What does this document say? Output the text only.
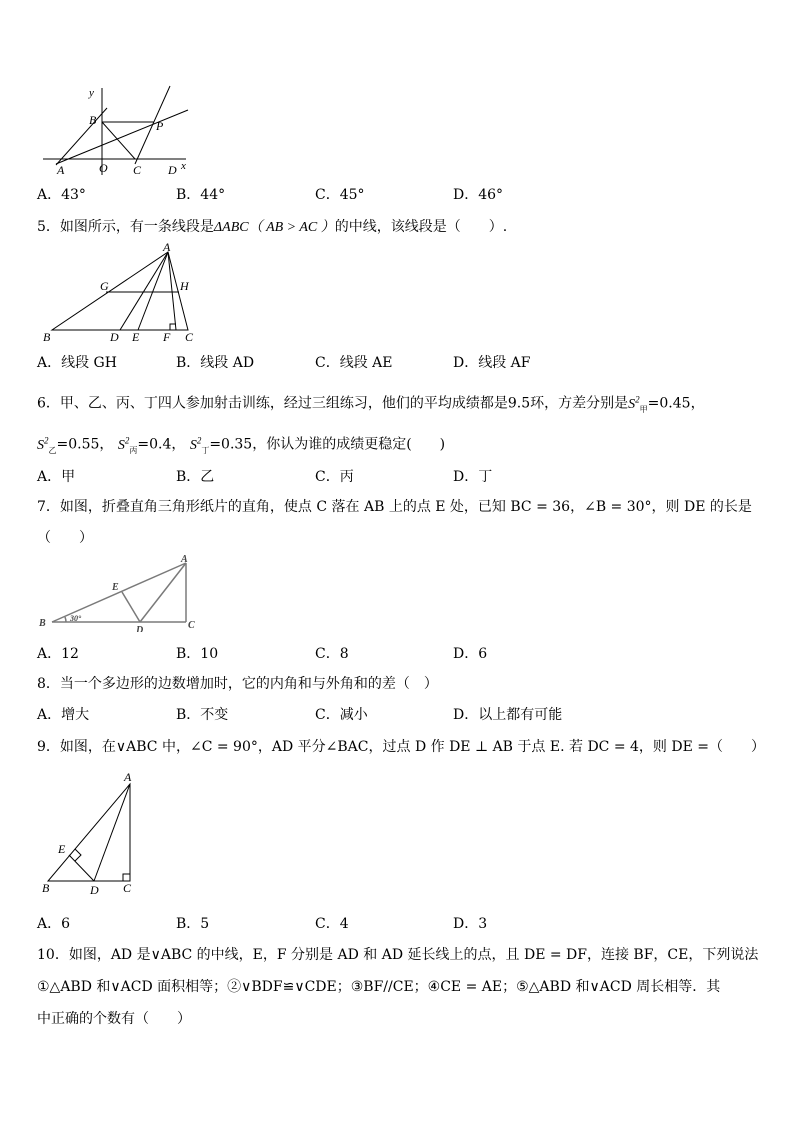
y
B	P
A	O C D x
A．43°	B．44°	C．45°	D．46°
5．如图所示，有一条线段是ΔABC（ AB > AC ）的中线，该线段是（　　）.
A
G	H
B	D E F C
A．线段 GH	B．线段 AD	C．线段 AE	D．线段 AF
6．甲、乙、丙、丁四人参加射击训练，经过三组练习，他们的平均成绩都是9.5环，方差分别是$S^2_甲=0.45$，
$S^2_乙=0.55$， $S^2_丙=0.4$， $S^2_丁=0.35$，你认为谁的成绩更稳定(　　)
A．甲	B．乙	C．丙	D．丁
7．如图，折叠直角三角形纸片的直角，使点 C 落在 AB 上的点 E 处，已知 BC = 36，∠B = 30°，则 DE 的长是
（　　）
A
E
B	30°
D	C
A．12	B．10	C．8	D．6
8．当一个多边形的边数增加时，它的内角和与外角和的差（　）
A．增大	B．不变	C．减小	D．以上都有可能
9．如图，在∨ABC 中，∠C = 90°，AD 平分∠BAC，过点 D 作 DE ⊥ AB 于点 E. 若 DC = 4，则 DE =（　　）
A
E
B	D C
A．6	B．5	C．4	D．3
10．如图，AD 是∨ABC 的中线，E，F 分别是 AD 和 AD 延长线上的点，且 DE = DF，连接 BF，CE，下列说法
①△ABD 和∨ACD 面积相等；②∨BDF≌∨CDE；③BF//CE；④CE = AE；⑤△ABD 和∨ACD 周长相等．其
中正确的个数有（　　）
